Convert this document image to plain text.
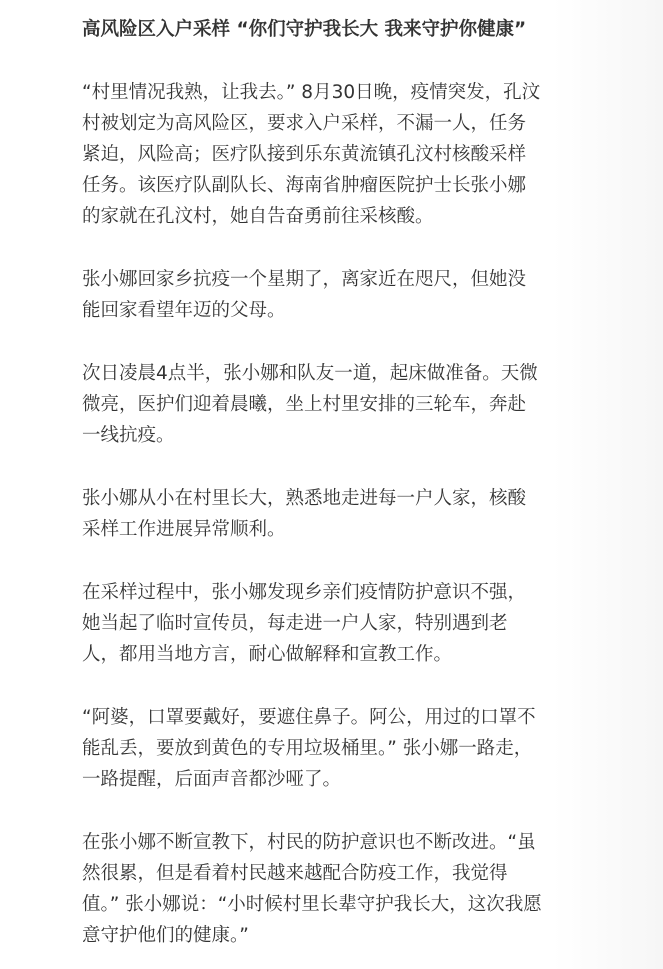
高风险区入户采样 “你们守护我长大 我来守护你健康”
“村里情况我熟，让我去。” 8月30日晚，疫情突发，孔汶村被划定为高风险区，要求入户采样，不漏一人，任务紧迫，风险高；医疗队接到乐东黄流镇孔汶村核酸采样任务。该医疗队副队长、海南省肿瘤医院护士长张小娜的家就在孔汶村，她自告奋勇前往采核酸。
张小娜回家乡抗疫一个星期了，离家近在咫尺，但她没能回家看望年迈的父母。
次日凌晨4点半，张小娜和队友一道，起床做准备。天微微亮，医护们迎着晨曦，坐上村里安排的三轮车，奔赴一线抗疫。
张小娜从小在村里长大，熟悉地走进每一户人家，核酸采样工作进展异常顺利。
在采样过程中，张小娜发现乡亲们疫情防护意识不强，她当起了临时宣传员，每走进一户人家，特别遇到老人，都用当地方言，耐心做解释和宣教工作。
“阿婆，口罩要戴好，要遮住鼻子。阿公，用过的口罩不能乱丢，要放到黄色的专用垃圾桶里。” 张小娜一路走，一路提醒，后面声音都沙哑了。
在张小娜不断宣教下，村民的防护意识也不断改进。“虽然很累，但是看着村民越来越配合防疫工作，我觉得值。” 张小娜说：“小时候村里长辈守护我长大，这次我愿意守护他们的健康。”
